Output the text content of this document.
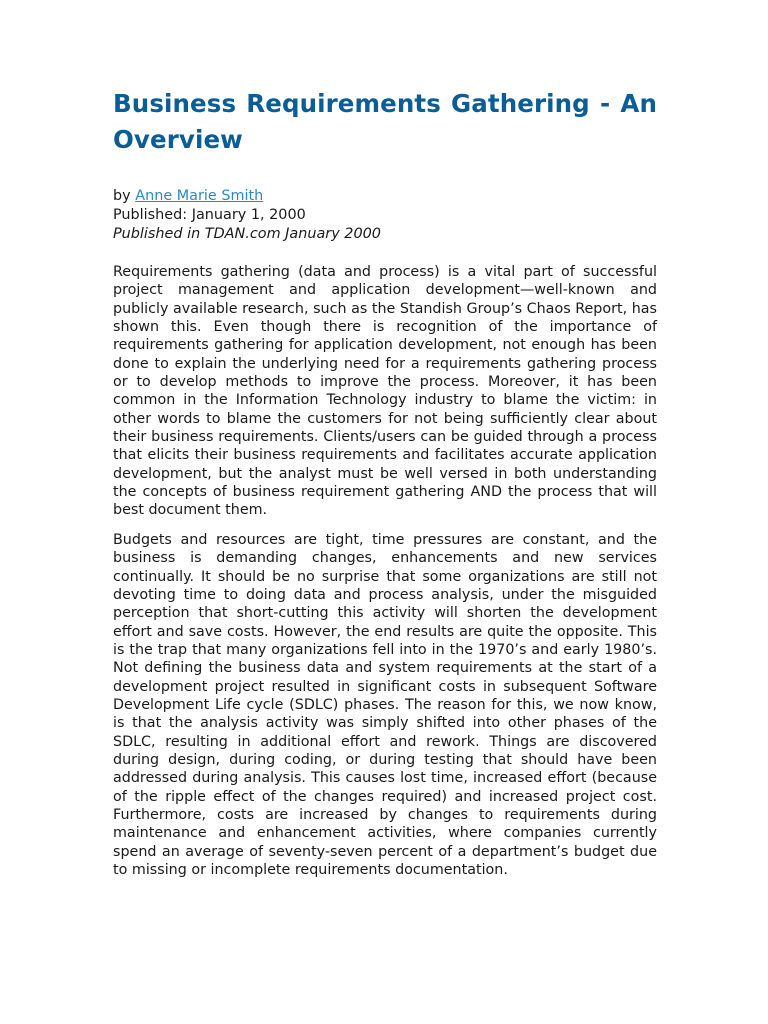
Business Requirements Gathering - An Overview
by Anne Marie Smith
Published: January 1, 2000
Published in TDAN.com January 2000

Requirements gathering (data and process) is a vital part of successful project management and application development—well-known and publicly available research, such as the Standish Group’s Chaos Report, has shown this. Even though there is recognition of the importance of requirements gathering for application development, not enough has been done to explain the underlying need for a requirements gathering process or to develop methods to improve the process. Moreover, it has been common in the Information Technology industry to blame the victim: in other words to blame the customers for not being sufficiently clear about their business requirements. Clients/users can be guided through a process that elicits their business requirements and facilitates accurate application development, but the analyst must be well versed in both understanding the concepts of business requirement gathering AND the process that will best document them.

Budgets and resources are tight, time pressures are constant, and the business is demanding changes, enhancements and new services continually. It should be no surprise that some organizations are still not devoting time to doing data and process analysis, under the misguided perception that short-cutting this activity will shorten the development effort and save costs. However, the end results are quite the opposite. This is the trap that many organizations fell into in the 1970’s and early 1980’s. Not defining the business data and system requirements at the start of a development project resulted in significant costs in subsequent Software Development Life cycle (SDLC) phases. The reason for this, we now know, is that the analysis activity was simply shifted into other phases of the SDLC, resulting in additional effort and rework. Things are discovered during design, during coding, or during testing that should have been addressed during analysis. This causes lost time, increased effort (because of the ripple effect of the changes required) and increased project cost. Furthermore, costs are increased by changes to requirements during maintenance and enhancement activities, where companies currently spend an average of seventy-seven percent of a department’s budget due to missing or incomplete requirements documentation.
